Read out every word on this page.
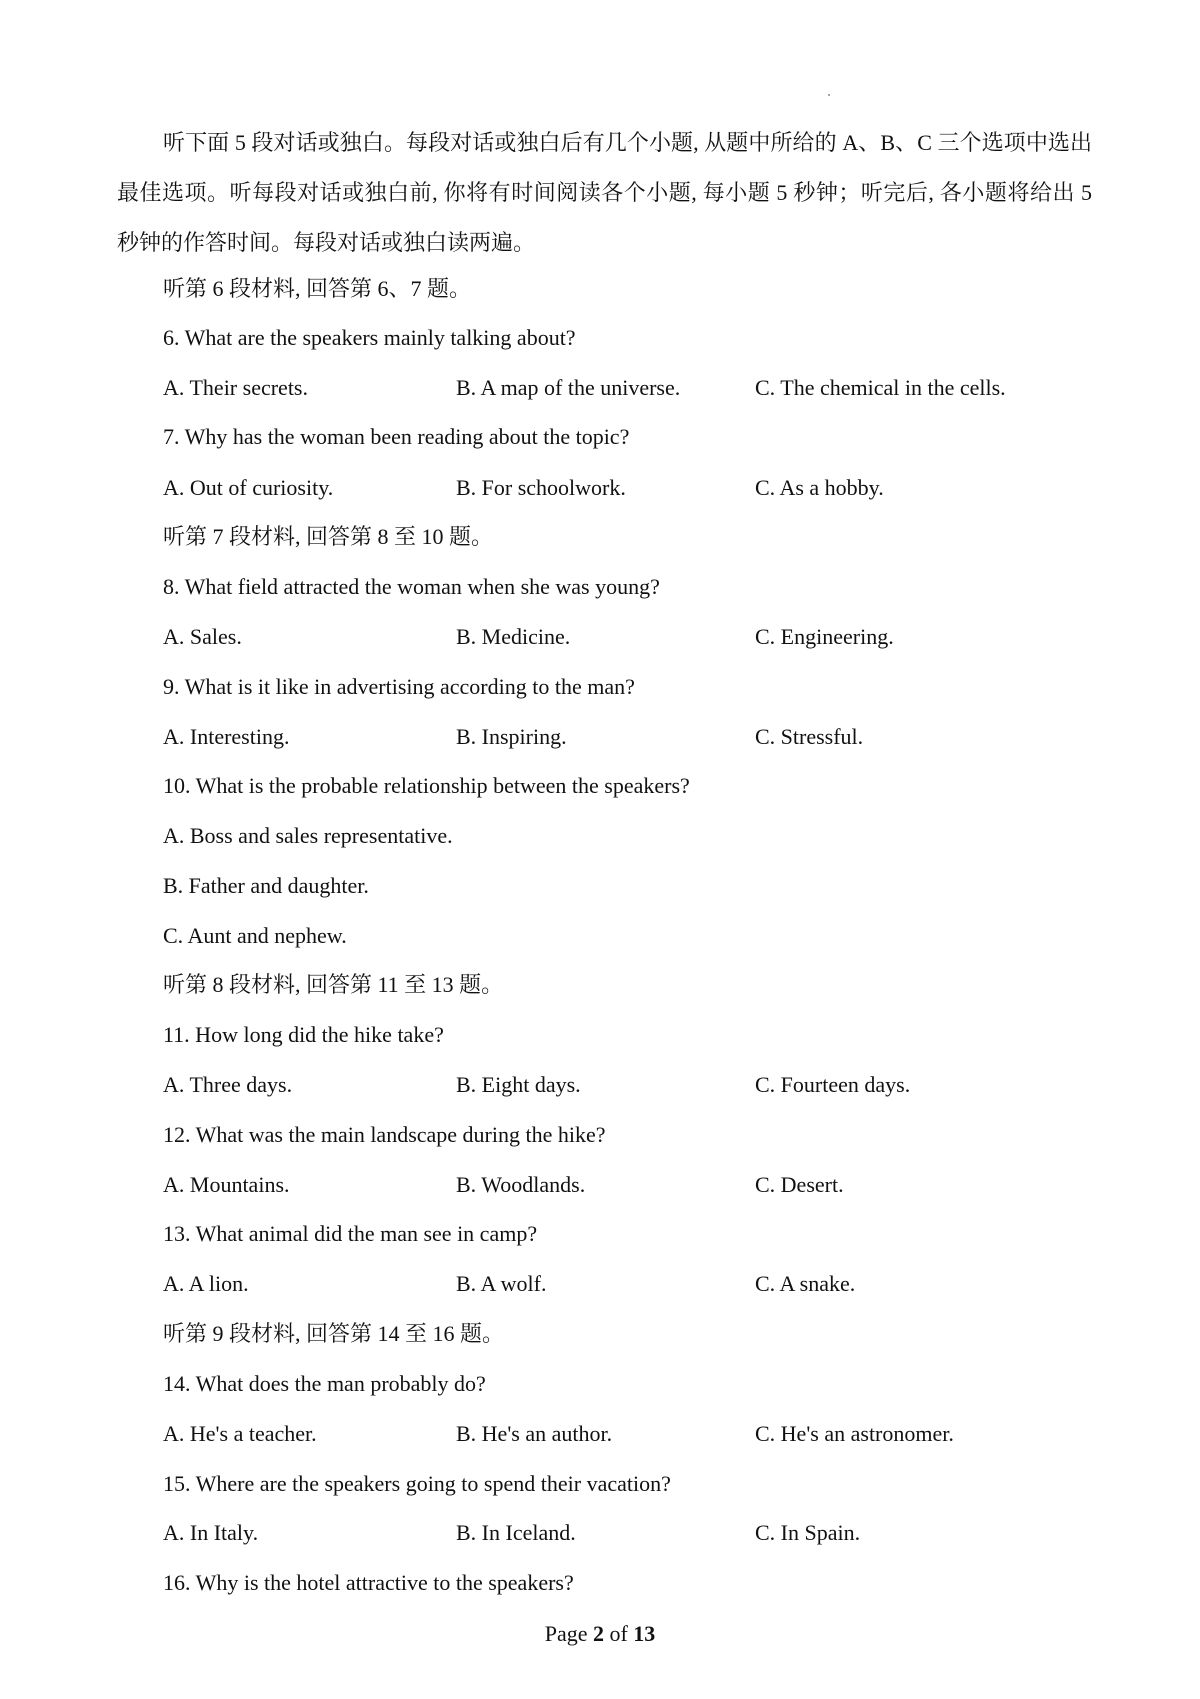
听下面 5 段对话或独白。每段对话或独白后有几个小题, 从题中所给的 A、B、C 三个选项中选出最佳选项。听每段对话或独白前, 你将有时间阅读各个小题, 每小题 5 秒钟；听完后, 各小题将给出 5 秒钟的作答时间。每段对话或独白读两遍。

听第 6 段材料, 回答第 6、7 题。

6. What are the speakers mainly talking about?

A. Their secrets.	B. A map of the universe.	C. The chemical in the cells.

7. Why has the woman been reading about the topic?

A. Out of curiosity.	B. For schoolwork.	C. As a hobby.

听第 7 段材料, 回答第 8 至 10 题。

8. What field attracted the woman when she was young?

A. Sales.	B. Medicine.	C. Engineering.

9. What is it like in advertising according to the man?

A. Interesting.	B. Inspiring.	C. Stressful.

10. What is the probable relationship between the speakers?

A. Boss and sales representative.

B. Father and daughter.

C. Aunt and nephew.

听第 8 段材料, 回答第 11 至 13 题。

11. How long did the hike take?

A. Three days.	B. Eight days.	C. Fourteen days.

12. What was the main landscape during the hike?

A. Mountains.	B. Woodlands.	C. Desert.

13. What animal did the man see in camp?

A. A lion.	B. A wolf.	C. A snake.

听第 9 段材料, 回答第 14 至 16 题。

14. What does the man probably do?

A. He's a teacher.	B. He's an author.	C. He's an astronomer.

15. Where are the speakers going to spend their vacation?

A. In Italy.	B. In Iceland.	C. In Spain.

16. Why is the hotel attractive to the speakers?

Page 2 of 13
